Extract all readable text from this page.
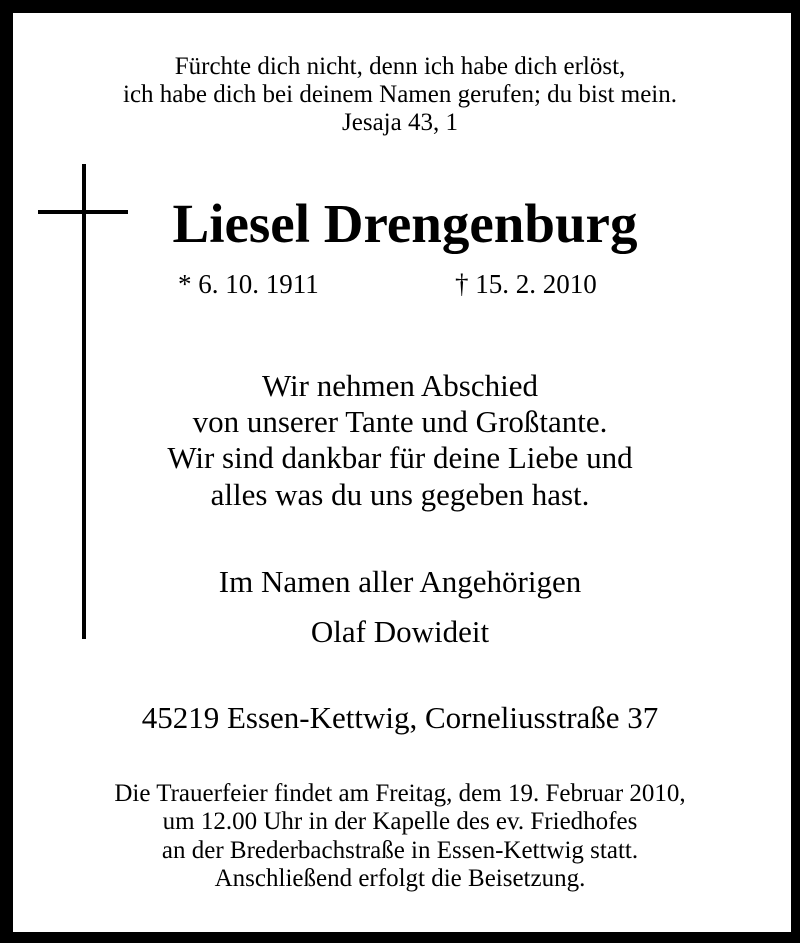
Fürchte dich nicht, denn ich habe dich erlöst,
ich habe dich bei deinem Namen gerufen; du bist mein.
Jesaja 43, 1
Liesel Drengenburg
* 6. 10. 1911	† 15. 2. 2010
Wir nehmen Abschied
von unserer Tante und Großtante.
Wir sind dankbar für deine Liebe und
alles was du uns gegeben hast.
Im Namen aller Angehörigen
Olaf Dowideit
45219 Essen-Kettwig, Corneliusstraße 37
Die Trauerfeier findet am Freitag, dem 19. Februar 2010,
um 12.00 Uhr in der Kapelle des ev. Friedhofes
an der Brederbachstraße in Essen-Kettwig statt.
Anschließend erfolgt die Beisetzung.
